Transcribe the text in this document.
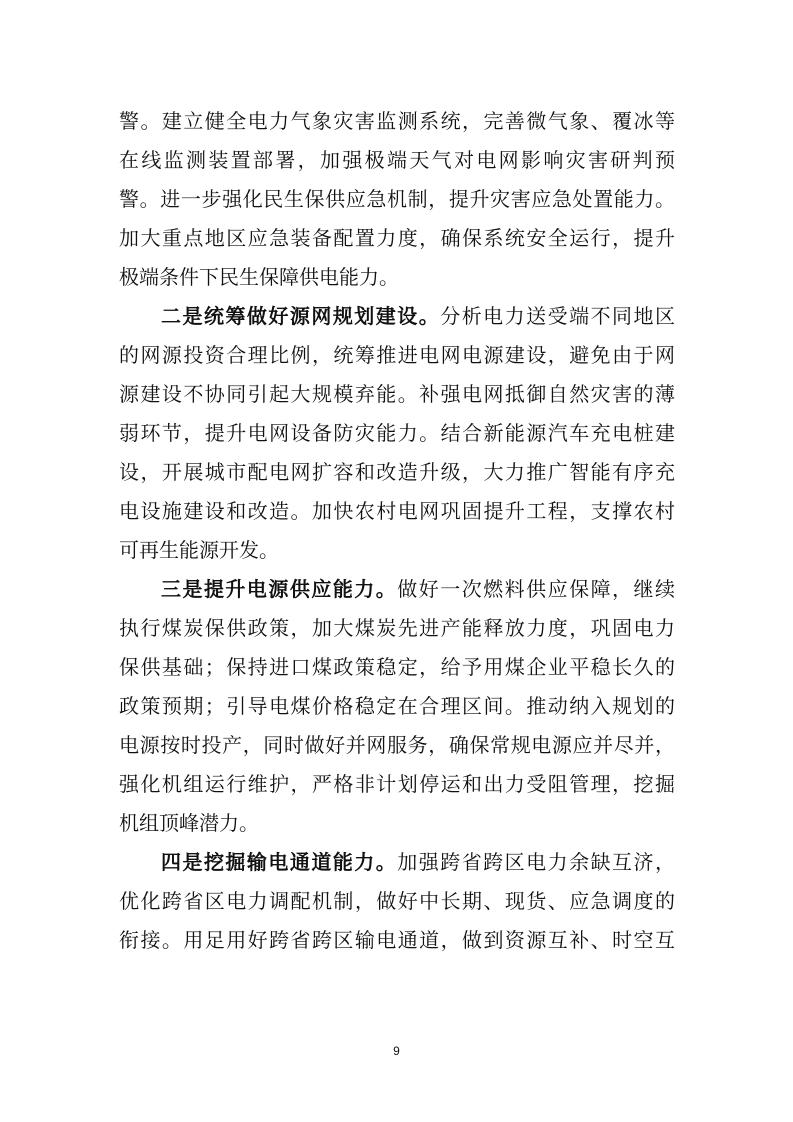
警。建立健全电力气象灾害监测系统，完善微气象、覆冰等
在线监测装置部署，加强极端天气对电网影响灾害研判预
警。进一步强化民生保供应急机制，提升灾害应急处置能力。
加大重点地区应急装备配置力度，确保系统安全运行，提升
极端条件下民生保障供电能力。
二是统筹做好源网规划建设。分析电力送受端不同地区
的网源投资合理比例，统筹推进电网电源建设，避免由于网
源建设不协同引起大规模弃能。补强电网抵御自然灾害的薄
弱环节，提升电网设备防灾能力。结合新能源汽车充电桩建
设，开展城市配电网扩容和改造升级，大力推广智能有序充
电设施建设和改造。加快农村电网巩固提升工程，支撑农村
可再生能源开发。
三是提升电源供应能力。做好一次燃料供应保障，继续
执行煤炭保供政策，加大煤炭先进产能释放力度，巩固电力
保供基础；保持进口煤政策稳定，给予用煤企业平稳长久的
政策预期；引导电煤价格稳定在合理区间。推动纳入规划的
电源按时投产，同时做好并网服务，确保常规电源应并尽并，
强化机组运行维护，严格非计划停运和出力受阻管理，挖掘
机组顶峰潜力。
四是挖掘输电通道能力。加强跨省跨区电力余缺互济，
优化跨省区电力调配机制，做好中长期、现货、应急调度的
衔接。用足用好跨省跨区输电通道，做到资源互补、时空互
9
